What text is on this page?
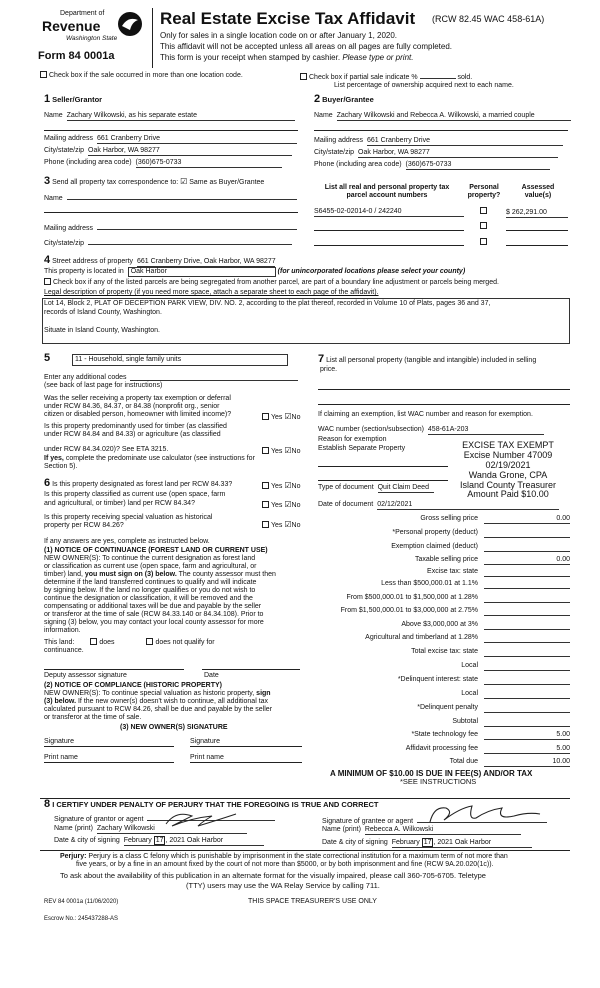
Department of
Revenue
Washington State
Form 84 0001a
Real Estate Excise Tax Affidavit (RCW 82.45 WAC 458-61A)
Only for sales in a single location code on or after January 1, 2020.
This affidavit will not be accepted unless all areas on all pages are fully completed.
This form is your receipt when stamped by cashier. Please type or print.
Check box if the sale occurred in more than one location code.	Check box if partial sale indicate %	sold.
List percentage of ownership acquired next to each name.
1 Seller/Grantor	2 Buyer/Grantee
Name Zachary Wilkowski, as his separate estate
Mailing address 661 Cranberry Drive
City/state/zip Oak Harbor, WA 98277
Phone (including area code) (360)675-0733
Name Zachary Wilkowski and Rebecca A. Wilkowski, a married couple
Mailing address 661 Cranberry Drive
City/state/zip Oak Harbor, WA 98277
Phone (including area code) (360)675-0733
3 Send all property tax correspondence to: ☑ Same as Buyer/Grantee
Name
Mailing address
City/state/zip
List all real and personal property tax parcel account numbers
Personal property?
Assessed value(s)
S6455-02-02014-0 / 242240	$ 262,291.00
4 Street address of property 661 Cranberry Drive, Oak Harbor, WA 98277
This property is located in Oak Harbor	(for unincorporated locations please select your county)
Check box if any of the listed parcels are being segregated from another parcel, are part of a boundary line adjustment or parcels being merged.
Legal description of property (if you need more space, attach a separate sheet to each page of the affidavit).
Lot 14, Block 2, PLAT OF DECEPTION PARK VIEW, DIV. NO. 2, according to the plat thereof, recorded in Volume 10 of Plats, pages 36 and 37,
records of Island County, Washington.
Situate in Island County, Washington.
5	11 - Household, single family units
Enter any additional codes
(see back of last page for instructions)
Was the seller receiving a property tax exemption or deferral
under RCW 84.36, 84.37, or 84.38 (nonprofit org., senior
citizen or disabled person, homeowner with limited income)?	Yes ☑No
Is this property predominantly used for timber (as classified
under RCW 84.84 and 84.33) or agriculture (as classified
under RCW 84.34.020)? See ETA 3215.	Yes ☑No
If yes, complete the predominate use calculator (see instructions for
Section 5).
6 Is this property designated as forest land per RCW 84.33?	Yes ☑No
Is this property classified as current use (open space, farm
and agricultural, or timber) land per RCW 84.34?	Yes ☑No
Is this property receiving special valuation as historical
property per RCW 84.26?	Yes ☑No
If any answers are yes, complete as instructed below.
(1) NOTICE OF CONTINUANCE (FOREST LAND OR CURRENT USE)
NEW OWNER(S): To continue the current designation as forest land
or classification as current use (open space, farm and agricultural, or
timber) land, you must sign on (3) below. The county assessor must then
determine if the land transferred continues to qualify and will indicate
by signing below. If the land no longer qualifies or you do not wish to
continue the designation or classification, it will be removed and the
compensating or additional taxes will be due and payable by the seller
or transferor at the time of sale (RCW 84.33.140 or 84.34.108). Prior to
signing (3) below, you may contact your local county assessor for more
information.
This land:	does	does not qualify for
continuance.
Deputy assessor signature	Date
(2) NOTICE OF COMPLIANCE (HISTORIC PROPERTY)
NEW OWNER(S): To continue special valuation as historic property, sign
(3) below. If the new owner(s) doesn't wish to continue, all additional tax
calculated pursuant to RCW 84.26, shall be due and payable by the seller
or transferor at the time of sale.
(3) NEW OWNER(S) SIGNATURE
Signature	Signature
Print name	Print name
7 List all personal property (tangible and intangible) included in selling
price.
If claiming an exemption, list WAC number and reason for exemption.
WAC number (section/subsection) 458-61A-203
Reason for exemption
Establish Separate Property
Type of document Quit Claim Deed
Date of document 02/12/2021
EXCISE TAX EXEMPT
Excise Number 47009
02/19/2021
Wanda Grone, CPA
Island County Treasurer
Amount Paid $10.00
Gross selling price	0.00
*Personal property (deduct)
Exemption claimed (deduct)
Taxable selling price	0.00
Excise tax: state
Less than $500,000.01 at 1.1%
From $500,000.01 to $1,500,000 at 1.28%
From $1,500,000.01 to $3,000,000 at 2.75%
Above $3,000,000 at 3%
Agricultural and timberland at 1.28%
Total excise tax: state
Local
*Delinquent interest: state
Local
*Delinquent penalty
Subtotal
*State technology fee	5.00
Affidavit processing fee	5.00
Total due	10.00
A MINIMUM OF $10.00 IS DUE IN FEE(S) AND/OR TAX
*SEE INSTRUCTIONS
8 I CERTIFY UNDER PENALTY OF PERJURY THAT THE FOREGOING IS TRUE AND CORRECT
Signature of grantor or agent
Name (print) Zachary Wilkowski
Date & city of signing February 17 , 2021 Oak Harbor
Signature of grantee or agent
Name (print) Rebecca A. Wilkowski
Date & city of signing February 17 , 2021 Oak Harbor
Perjury: Perjury is a class C felony which is punishable by imprisonment in the state correctional institution for a maximum term of not more than
five years, or by a fine in an amount fixed by the court of not more than $5000, or by both imprisonment and fine (RCW 9A.20.020(1c)).
To ask about the availability of this publication in an alternate format for the visually impaired, please call 360-705-6705. Teletype
(TTY) users may use the WA Relay Service by calling 711.
REV 84 0001a (11/06/2020)	THIS SPACE TREASURER'S USE ONLY
Escrow No.: 245437288-AS
